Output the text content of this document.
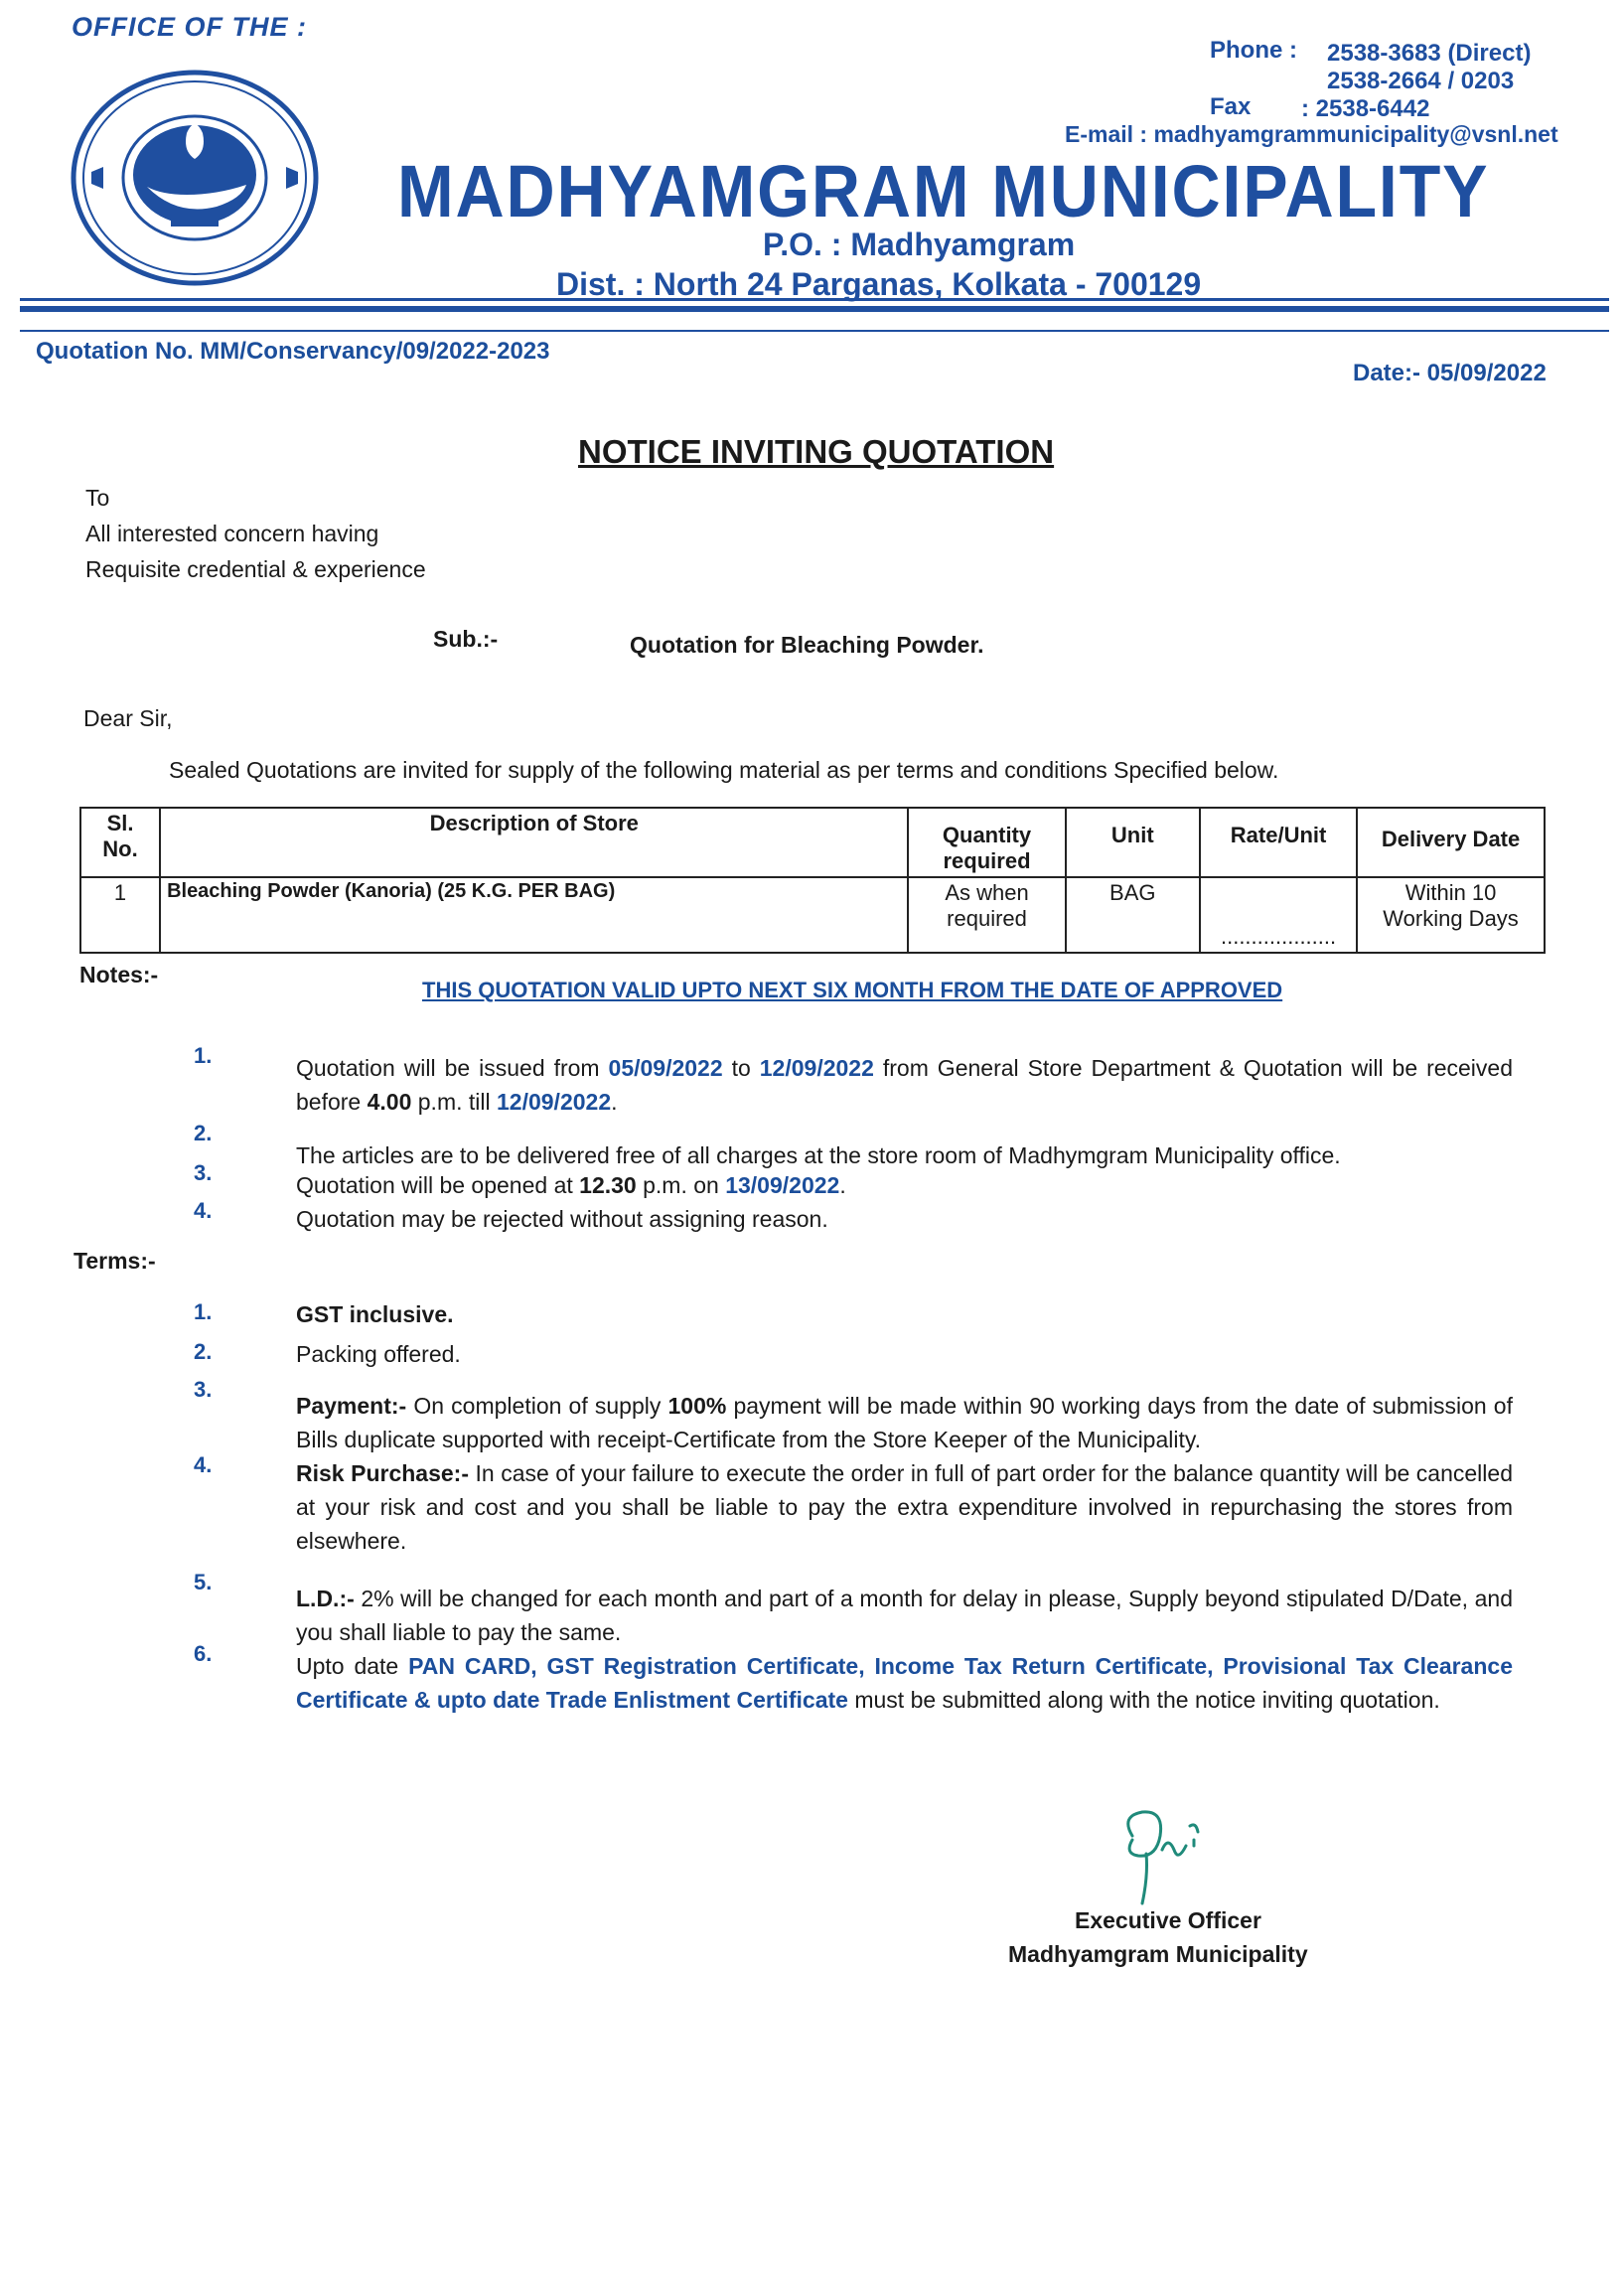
OFFICE OF THE :
Phone : 2538-3683 (Direct)
2538-2664 / 0203
Fax : 2538-6442
E-mail : madhyamgrammunicipality@vsnl.net
MADHYAMGRAM MUNICIPALITY
P.O. : Madhyamgram
Dist. : North 24 Parganas, Kolkata - 700129
Quotation No. MM/Conservancy/09/2022-2023
Date:- 05/09/2022
NOTICE INVITING QUOTATION
To
All interested concern having
Requisite credential & experience
Sub.:-	Quotation for Bleaching Powder.
Dear Sir,
Sealed Quotations are invited for supply of the following material as per terms and conditions Specified below.
Sl. No.	Description of Store	Quantity required	Unit	Rate/Unit	Delivery Date
1	Bleaching Powder (Kanoria) (25 K.G. PER BAG)	As when required	BAG	...................	Within 10 Working Days
Notes:-
THIS QUOTATION VALID UPTO NEXT SIX MONTH FROM THE DATE OF APPROVED
1.	Quotation will be issued from 05/09/2022 to 12/09/2022 from General Store Department & Quotation will be received before 4.00 p.m. till 12/09/2022.
2.
The articles are to be delivered free of all charges at the store room of Madhymgram Municipality office.
3.	Quotation will be opened at 12.30 p.m. on 13/09/2022.
4.	Quotation may be rejected without assigning reason.
Terms:-
1.	GST inclusive.
2.	Packing offered.
3.
Payment:- On completion of supply 100% payment will be made within 90 working days from the date of submission of Bills duplicate supported with receipt-Certificate from the Store Keeper of the Municipality.
4.	Risk Purchase:- In case of your failure to execute the order in full of part order for the balance quantity will be cancelled at your risk and cost and you shall be liable to pay the extra expenditure involved in repurchasing the stores from elsewhere.
5.
L.D.:- 2% will be changed for each month and part of a month for delay in please, Supply beyond stipulated D/Date, and you shall liable to pay the same.
6.	Upto date PAN CARD, GST Registration Certificate, Income Tax Return Certificate, Provisional Tax Clearance Certificate & upto date Trade Enlistment Certificate must be submitted along with the notice inviting quotation.
Executive Officer
Madhyamgram Municipality
